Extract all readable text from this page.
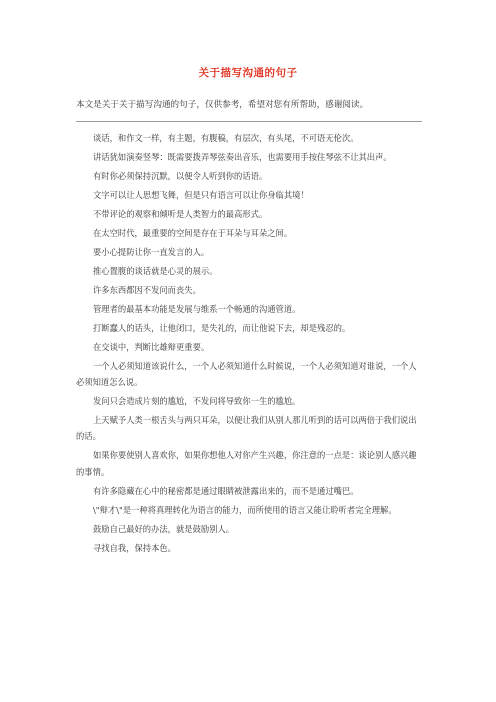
关于描写沟通的句子
本文是关于关于描写沟通的句子，仅供参考，希望对您有所帮助，感谢阅读。

谈话，和作文一样，有主题，有腹稿，有层次，有头尾，不可语无伦次。

讲话犹如演奏竖琴：既需要拨弄琴弦奏出音乐，也需要用手按住琴弦不让其出声。

有时你必须保持沉默，以便令人听到你的话语。

文字可以让人思想飞舞，但是只有语言可以让你身临其境！

不带评论的观察和倾听是人类智力的最高形式。

在太空时代，最重要的空间是存在于耳朵与耳朵之间。

要小心提防让你一直发言的人。

推心置腹的谈话就是心灵的展示。

许多东西都因不发问而丧失。

管理者的最基本功能是发展与维系一个畅通的沟通管道。

打断蠢人的话头，让他闭口，是失礼的，而让他说下去，却是残忍的。

在交谈中，判断比雄辩更重要。

一个人必须知道该说什么，一个人必须知道什么时候说，一个人必须知道对谁说，一个人必须知道怎么说。

发问只会造成片刻的尴尬，不发问将导致你一生的尴尬。

上天赋予人类一根舌头与两只耳朵，以便让我们从别人那儿听到的话可以两倍于我们说出的话。

如果你要使别人喜欢你，如果你想他人对你产生兴趣，你注意的一点是：谈论别人感兴趣的事情。

有许多隐藏在心中的秘密都是通过眼睛被泄露出来的，而不是通过嘴巴。

\"辩才\"是一种将真理转化为语言的能力，而所使用的语言又能让聆听者完全理解。

鼓励自己最好的办法，就是鼓励别人。

寻找自我，保持本色。
